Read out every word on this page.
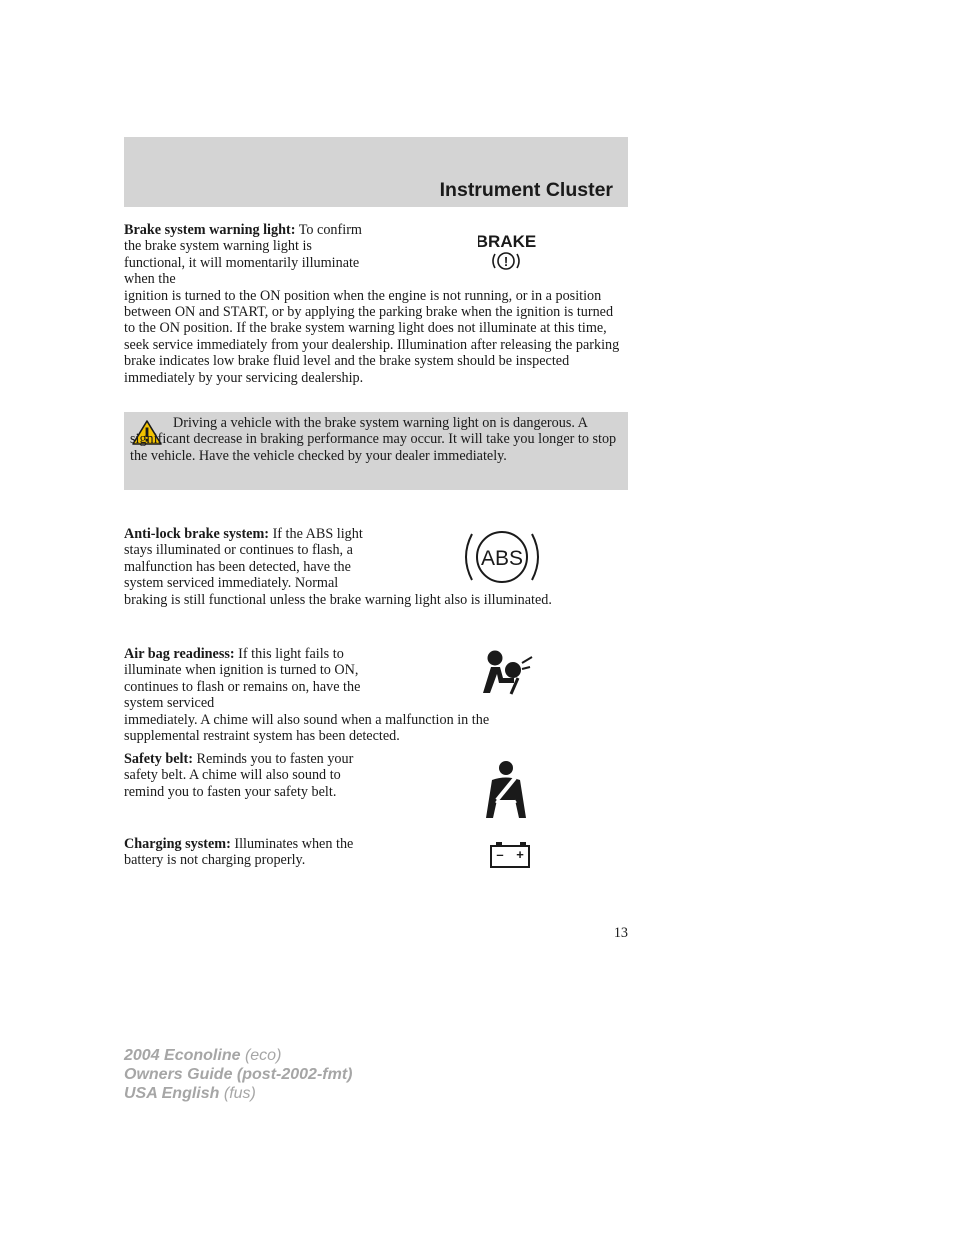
Instrument Cluster
Brake system warning light: To confirm the brake system warning light is functional, it will momentarily illuminate when the
ignition is turned to the ON position when the engine is not running, or in a position between ON and START, or by applying the parking brake when the ignition is turned to the ON position. If the brake system warning light does not illuminate at this time, seek service immediately from your dealership. Illumination after releasing the parking brake indicates low brake fluid level and the brake system should be inspected immediately by your servicing dealership.
BRAKE
!
Driving a vehicle with the brake system warning light on is dangerous. A significant decrease in braking performance may occur. It will take you longer to stop the vehicle. Have the vehicle checked by your dealer immediately.
Anti-lock brake system: If the ABS light stays illuminated or continues to flash, a malfunction has been detected, have the system serviced immediately. Normal
braking is still functional unless the brake warning light also is illuminated.
ABS
Air bag readiness: If this light fails to illuminate when ignition is turned to ON, continues to flash or remains on, have the system serviced
immediately. A chime will also sound when a malfunction in the supplemental restraint system has been detected.
Safety belt: Reminds you to fasten your safety belt. A chime will also sound to remind you to fasten your safety belt.
Charging system: Illuminates when the battery is not charging properly.	– +
13
2004 Econoline (eco)
Owners Guide (post-2002-fmt)
USA English (fus)
